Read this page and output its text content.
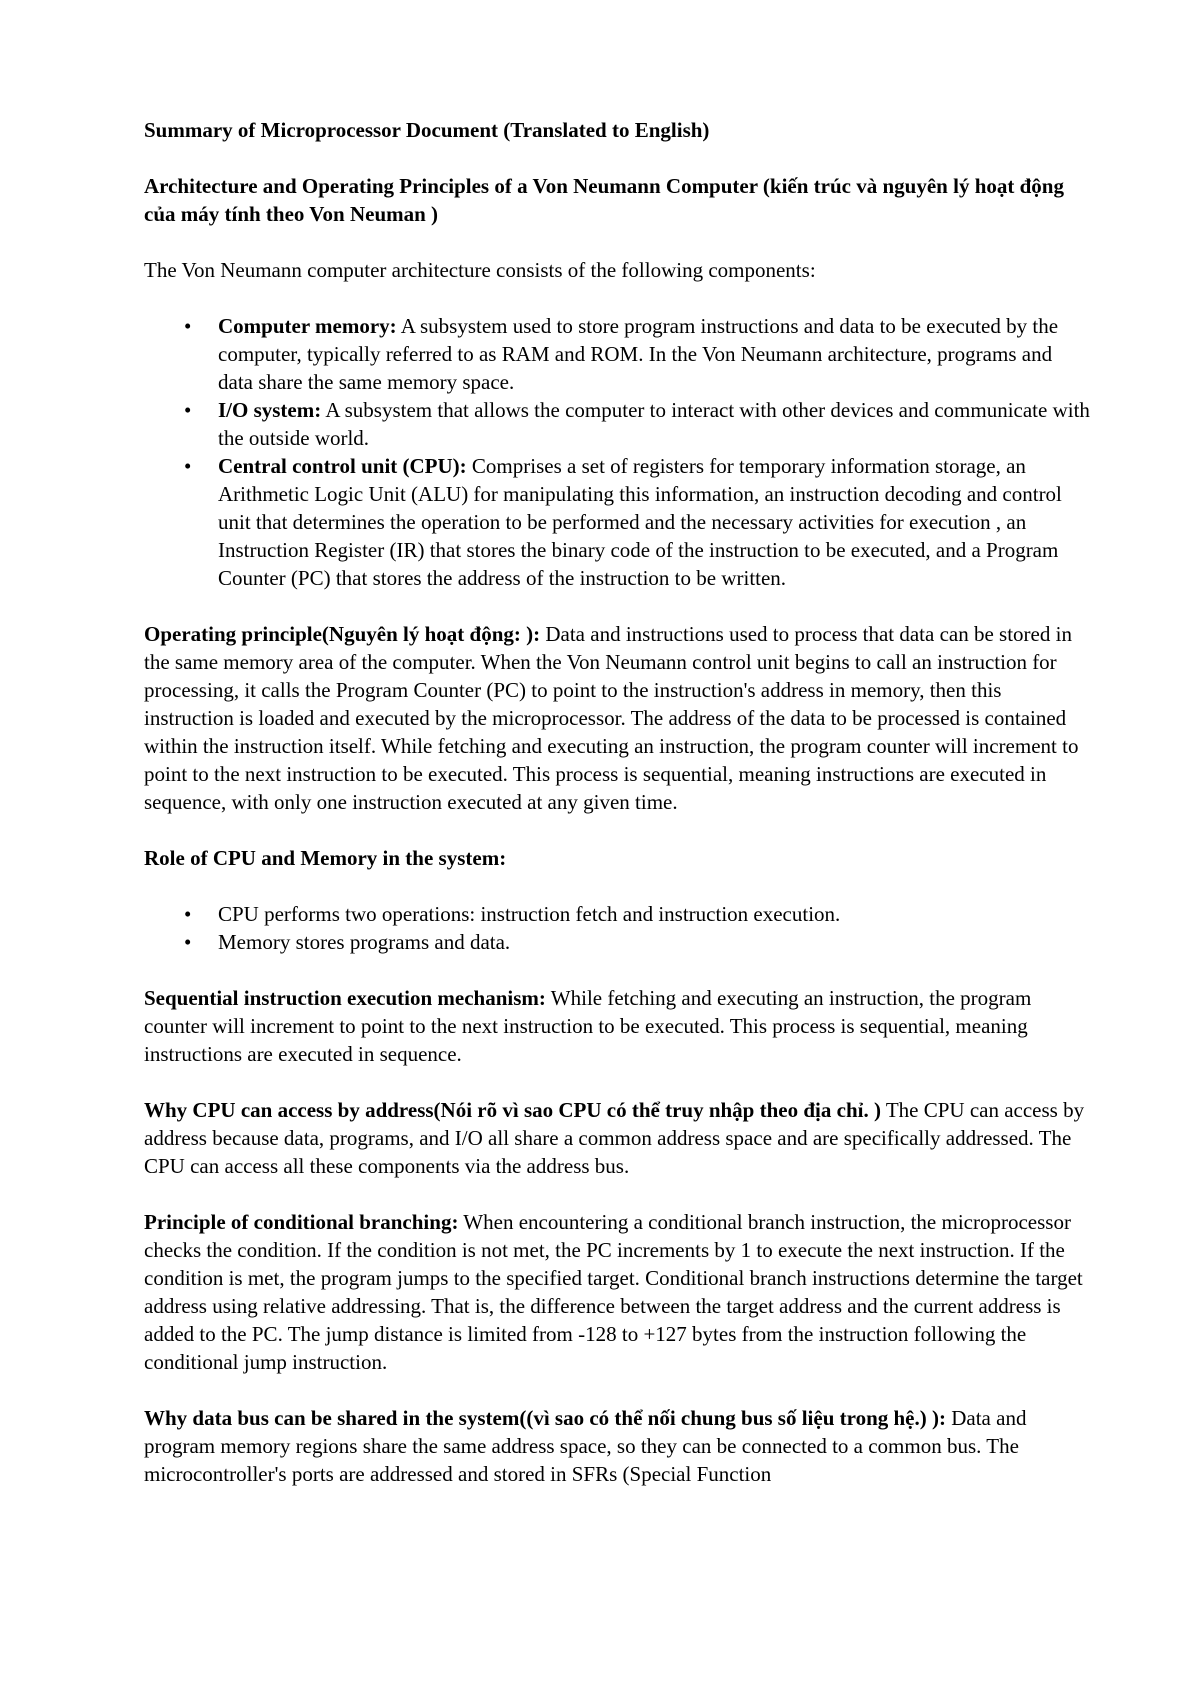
Summary of Microprocessor Document (Translated to English)

Architecture and Operating Principles of a Von Neumann Computer (kiến trúc và nguyên lý hoạt động của máy tính theo Von Neuman )

The Von Neumann computer architecture consists of the following components:

•	Computer memory: A subsystem used to store program instructions and data to be executed by the computer, typically referred to as RAM and ROM. In the Von Neumann architecture, programs and data share the same memory space.
•	I/O system: A subsystem that allows the computer to interact with other devices and communicate with the outside world.
•	Central control unit (CPU): Comprises a set of registers for temporary information storage, an Arithmetic Logic Unit (ALU) for manipulating this information, an instruction decoding and control unit that determines the operation to be performed and the necessary activities for execution , an Instruction Register (IR) that stores the binary code of the instruction to be executed, and a Program Counter (PC) that stores the address of the instruction to be written.

Operating principle(Nguyên lý hoạt động: ): Data and instructions used to process that data can be stored in the same memory area of the computer. When the Von Neumann control unit begins to call an instruction for processing, it calls the Program Counter (PC) to point to the instruction's address in memory, then this instruction is loaded and executed by the microprocessor. The address of the data to be processed is contained within the instruction itself. While fetching and executing an instruction, the program counter will increment to point to the next instruction to be executed. This process is sequential, meaning instructions are executed in sequence, with only one instruction executed at any given time.

Role of CPU and Memory in the system:

•	CPU performs two operations: instruction fetch and instruction execution.
•	Memory stores programs and data.

Sequential instruction execution mechanism: While fetching and executing an instruction, the program counter will increment to point to the next instruction to be executed. This process is sequential, meaning instructions are executed in sequence.

Why CPU can access by address(Nói rõ vì sao CPU có thể truy nhập theo địa chỉ. ) The CPU can access by address because data, programs, and I/O all share a common address space and are specifically addressed. The CPU can access all these components via the address bus.

Principle of conditional branching: When encountering a conditional branch instruction, the microprocessor checks the condition. If the condition is not met, the PC increments by 1 to execute the next instruction. If the condition is met, the program jumps to the specified target. Conditional branch instructions determine the target address using relative addressing. That is, the difference between the target address and the current address is added to the PC. The jump distance is limited from -128 to +127 bytes from the instruction following the conditional jump instruction.

Why data bus can be shared in the system((vì sao có thể nối chung bus số liệu trong hệ.) ): Data and program memory regions share the same address space, so they can be connected to a common bus. The microcontroller's ports are addressed and stored in SFRs (Special Function
